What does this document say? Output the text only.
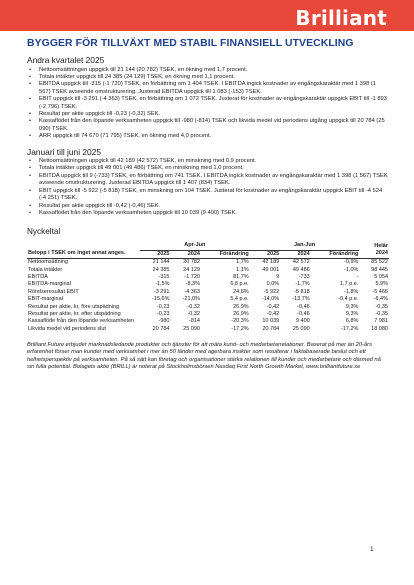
Brilliant
BYGGER FÖR TILLVÄXT MED STABIL FINANSIELL UTVECKLING
Andra kvartalet 2025
• Nettoomsättningen uppgick till 21 144 (20 782) TSEK, en ökning med 1,7 procent.
• Totala intäkter uppgick till 24 385 (24 129) TSEK, en ökning med 1,1 procent.
• EBITDA uppgick till -315 (-1 720) TSEK, en förbättring om 1 404 TSEK. I EBITDA ingick kostnader av engångskaraktär med 1 398 (1 567) TSEK avseende omstrukturering. Justerad EBITDA uppgick till 1 083 (-153) TSEK.
• EBIT uppgick till -3 291 (-4 363) TSEK, en förbättring om 1 072 TSEK. Justerat för kostnader av engångskaraktär uppgick EBIT till -1 893 (-2 796) TSEK.
• Resultat per aktie uppgick till -0,23 (-0,32) SEK.
• Kassaflödet från den löpande verksamheten uppgick till -980 (-814) TSEK och likvida medel vid periodens utgång uppgick till 20 784 (25 090) TSEK.
• ARR uppgick till 74 670 (71 795) TSEK, en ökning med 4,0 procent.
Januari till juni 2025
• Nettoomsättningen uppgick till 42 189 (42 572) TSEK, en minskning med 0,9 procent.
• Totala intäkter uppgick till 49 001 (49 486) TSEK, en minskning med 1,0 procent.
• EBITDA uppgick till 9 (-733) TSEK, en förbättring om 741 TSEK. I EBITDA ingick kostnader av engångskaraktär med 1 398 (1 567) TSEK avseende omstrukturering. Justerad EBITDA uppgick till 1 407 (834) TSEK.
• EBIT uppgick till -5 922 (-5 818) TSEK, en minskning om 104 TSEK. Justerat för kostnader av engångskaraktär uppgick EBIT till -4 524 (-4 251) TSEK.
• Resultat per aktie uppgick till -0,42 (-0,46) SEK.
• Kassaflödet från den löpande verksamheten uppgick till 10 039 (9 400) TSEK.
Nyckeltal
	Apr-Jun			Jan-Jun			Helår
Belopp i TSEK om inget annat anges.	2025	2024	Förändring	2025	2024	Förändring	2024
Nettoomsättning	21 144	20 782	1,7%	42 189	42 572	-0,9%	85 522
Totala intäkter	24 385	24 129	1,1%	49 001	49 486	-1,0%	98 445
EBITDA	-315	-1 720	81,7%	9	-733	-	5 054
EBITDA-marginal	-1,5%	-8,3%	6,8 p.e.	0,0%	-1,7%	1,7 p.e.	5,9%
Rörelseresultat EBIT	-3 291	-4 363	24,6%	-5 922	-5 818	-1,8%	-5 466
EBIT-marginal	-15,6%	-21,0%	5,4 p.e.	-14,0%	-13,7%	-0,4 p.e.	-6,4%
Resultat per aktie, kr, före utspädning	-0,23	-0,32	26,9%	-0,42	-0,46	9,3%	-0,35
Resultat per aktie, kr, efter utspädning	-0,23	-0,32	26,9%	-0,42	-0,46	9,3%	-0,35
Kassaflöde från den löpande verksamheten	-980	-814	-20,3%	10 039	9 400	6,8%	7 981
Likvida medel vid periodens slut	20 784	25 090	-17,2%	20 784	25 090	-17,2%	18 080
Brilliant Future erbjuder marknadsledande produkter och tjänster för att mäta kund- och medarbetarrelationer. Baserat på mer än 20-års erfarenhet förser man kunder med verksamhet i mer än 50 länder med agerbara insikter som resulterar i faktabaserade beslut och ett helhetsperspektiv på verksamheten. På så sätt kan företag och organisationer stärka relationen till kunder och medarbetare och därmed nå sin fulla potential. Bolagets aktie (BRILL) är noterat på Stockholmsbörsen Nasdaq First North Growth Market, www.brilliantfuture.se
1
